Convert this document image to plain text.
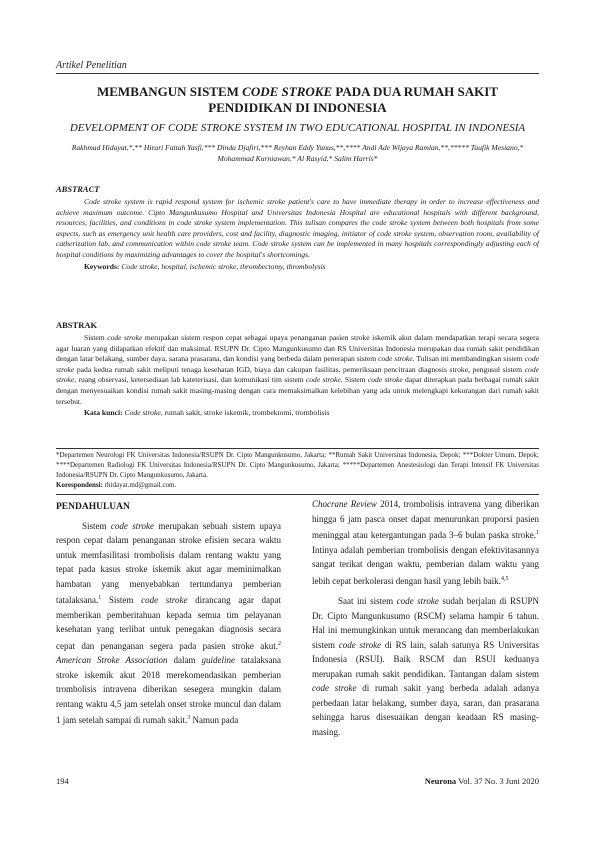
Artikel Penelitian
MEMBANGUN SISTEM CODE STROKE PADA DUA RUMAH SAKIT PENDIDIKAN DI INDONESIA
DEVELOPMENT OF CODE STROKE SYSTEM IN TWO EDUCATIONAL HOSPITAL IN INDONESIA
Rakhmad Hidayat,*,** Hirari Fattah Yasfi,*** Dinda Djafiri,*** Reyhan Eddy Yunus,**,**** Andi Ade Wijaya Ramlan,**,***** Taufik Mesiano,* Mohammad Kurniawan,* Al Rasyid,* Salim Harris*
ABSTRACT
Code stroke system is rapid respond system for ischemic stroke patient's care to have immediate therapy in order to increase effectiveness and achieve maximum outcome. Cipto Mangunkusumo Hospital and Universitas Indonesia Hospital are educational hospitals with different background, resources, facilities, and conditions in code stroke system implementation. This tulisan compares the code stroke system between both hospitals from some aspects, such as emergency unit health care providers, cost and facility, diagnostic imaging, initiator of code stroke system, observation room, availability of catherization lab, and communication within code stroke team. Code stroke system can be implemented in many hospitals correspondingly adjusting each of hospital conditions by maximizing advantages to cover the hospital's shortcomings.
Keywords: Code stroke, hospital, ischemic stroke, thrombectomy, thrombolysis
ABSTRAK
Sistem code stroke merupakan sistem respon cepat sebagai upaya penanganan pasien stroke iskemik akut dalam mendapatkan terapi secara segera agar luaran yang didapatkan efektif dan maksimal. RSUPN Dr. Cipto Mangunkusumo dan RS Universitas Indonesia merupakan dua rumah sakit pendidikan dengan latar belakang, sumber daya, sarana prasarana, dan kondisi yang berbeda dalam penerapan sistem code stroke. Tulisan ini membandingkan sistem code stroke pada kedua rumah sakit meliputi tenaga kesehatan IGD, biaya dan cakupan fasilitas, pemeriksaan pencitraan diagnosis stroke, pengusul sistem code stroke, ruang observasi, ketersediaan lab kateterisasi, dan komunikasi tim sistem code stroke. Sistem code stroke dapat diterapkan pada berbagai rumah sakit dengan menyesuaikan kondisi rumah sakit masing-masing dengan cara memaksimalkan kelebihan yang ada untuk melengkapi kekurangan dari rumah sakit tersebut.
Kata kunci: Code stroke, rumah sakit, stroke iskemik, trombektomi, trombolisis
*Departemen Neurologi FK Universitas Indonesia/RSUPN Dr. Cipto Mangunkusumo, Jakarta; **Rumah Sakit Universitas Indonesia, Depok; ***Dokter Umum, Depok; ****Departemen Radiologi FK Universitas Indonesia/RSUPN Dr. Cipto Mangunkusumo, Jakarta; *****Departemen Anestesiologi dan Terapi Intensif FK Universitas Indonesia/RSUPN Dr. Cipto Mangunkusumo, Jakarta.
Korespondensi: rhidayat.md@gmail.com.
PENDAHULUAN
Sistem code stroke merupakan sebuah sistem upaya respon cepat dalam penanganan stroke efisien secara waktu untuk memfasilitasi trombolisis dalam rentang waktu yang tepat pada kasus stroke iskemik akut agar meminimalkan hambatan yang menyebabkan tertundanya pemberian tatalaksana.$^1$ Sistem code stroke dirancang agar dapat memberikan pemberitahuan kepada semua tim pelayanan kesehatan yang terlibat untuk penegakan diagnosis secara cepat dan penanganan segera pada pasien stroke akut.$^2$ American Stroke Association dalam guideline tatalaksana stroke iskemik akut 2018 merekomendasikan pemberian trombolisis intravena diberikan sesegera mungkin dalam rentang waktu 4,5 jam setelah onset stroke muncul dan dalam 1 jam setelah sampai di rumah sakit.$^3$ Namun pada
Chocrane Review 2014, trombolisis intravena yang diberikan hingga 6 jam pasca onset dapat menurunkan proporsi pasien meninggal atau ketergantungan pada 3–6 bulan paska stroke.$^1$ Intinya adalah pemberian trombolisis dengan efektivitasannya sangat terikat dengan waktu, pemberian dalam waktu yang lebih cepat berkolerasi dengan hasil yang lebih baik.$^{4,5}$
Saat ini sistem code stroke sudah berjalan di RSUPN Dr. Cipto Mangunkusumo (RSCM) selama hampir 6 tahun. Hal ini memungkinkan untuk merancang dan memberlakukan sistem code stroke di RS lain, salah satunya RS Universitas Indonesia (RSUI). Baik RSCM dan RSUI keduanya merupakan rumah sakit pendidikan. Tantangan dalam sistem code stroke di rumah sakit yang berbeda adalah adanya perbedaan latar belakang, sumber daya, saran, dan prasarana sehingga harus disesuaikan dengan keadaan RS masing-masing.
194	Neurona Vol. 37 No. 3 Juni 2020
